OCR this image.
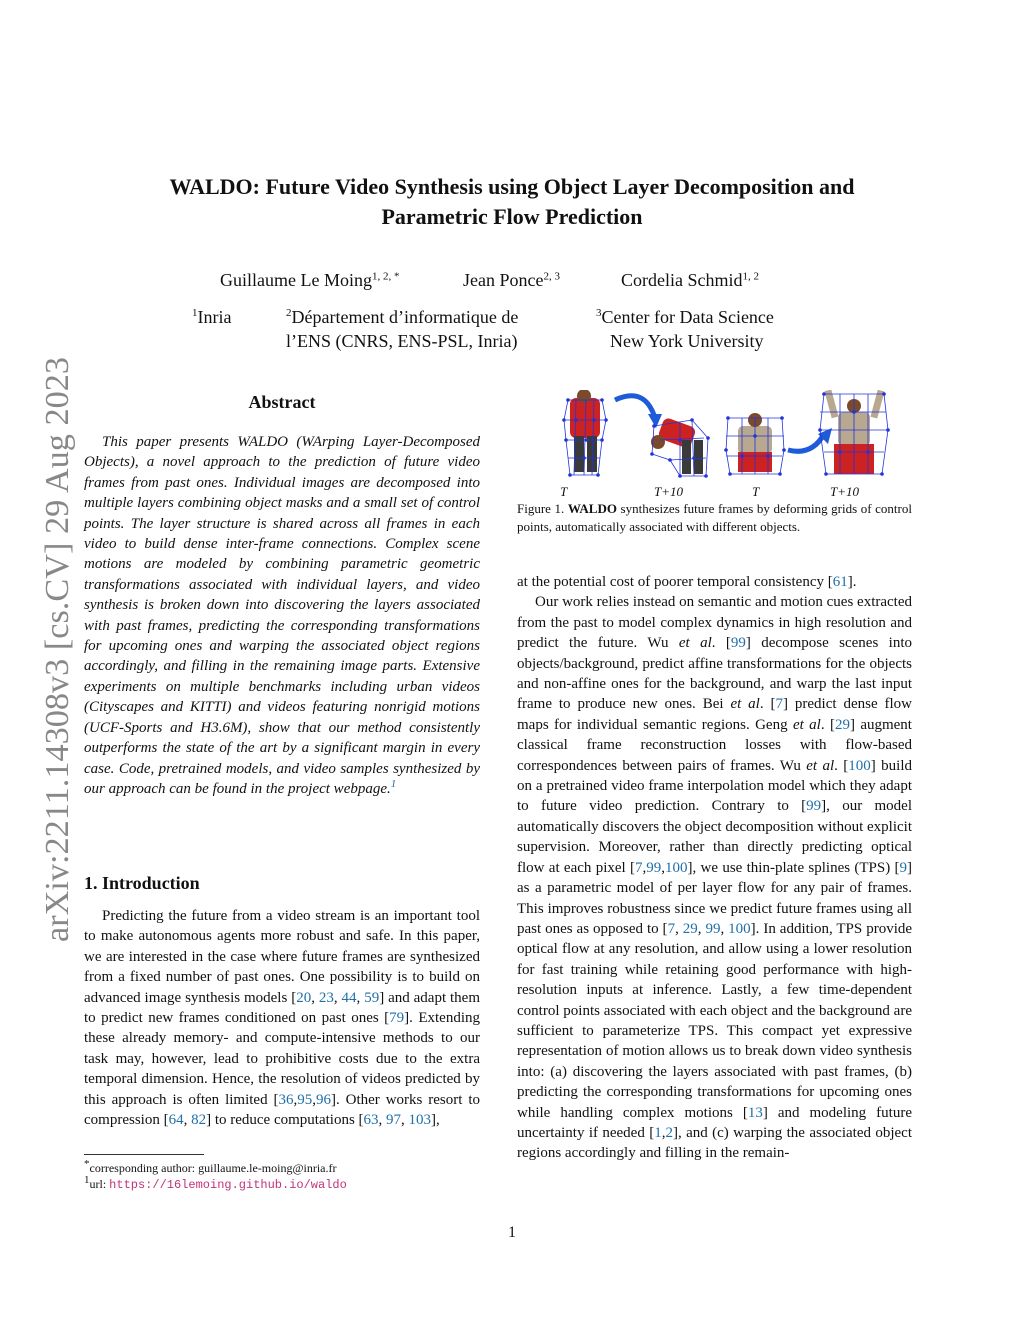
arXiv:2211.14308v3 [cs.CV] 29 Aug 2023
WALDO: Future Video Synthesis using Object Layer Decomposition and
Parametric Flow Prediction
Guillaume Le Moing$^{1, 2, *}$	Jean Ponce$^{2, 3}$	Cordelia Schmid$^{1, 2}$
$^1$Inria	$^2$Département d’informatique de
l’ENS (CNRS, ENS-PSL, Inria)
$^3$Center for Data Science
New York University
Abstract

This paper presents WALDO (WArping Layer-Decomposed Objects), a novel approach to the prediction of future video frames from past ones. Individual images are decomposed into multiple layers combining object masks and a small set of control points. The layer structure is shared across all frames in each video to build dense inter-frame connections. Complex scene motions are modeled by combining parametric geometric transformations associated with individual layers, and video synthesis is broken down into discovering the layers associated with past frames, predicting the corresponding transformations for upcoming ones and warping the associated object regions accordingly, and filling in the remaining image parts. Extensive experiments on multiple benchmarks including urban videos (Cityscapes and KITTI) and videos featuring nonrigid motions (UCF-Sports and H3.6M), show that our method consistently outperforms the state of the art by a significant margin in every case. Code, pretrained models, and video samples synthesized by our approach can be found in the project webpage.$^1$

1. Introduction

Predicting the future from a video stream is an important tool to make autonomous agents more robust and safe. In this paper, we are interested in the case where future frames are synthesized from a fixed number of past ones. One possibility is to build on advanced image synthesis models [20, 23, 44, 59] and adapt them to predict new frames conditioned on past ones [79]. Extending these already memory- and compute-intensive methods to our task may, however, lead to prohibitive costs due to the extra temporal dimension. Hence, the resolution of videos predicted by this approach is often limited [36,95,96]. Other works resort to compression [64, 82] to reduce computations [63, 97, 103],

T	T+10	T	T+10
Figure 1. WALDO synthesizes future frames by deforming grids of control points, automatically associated with different objects.

at the potential cost of poorer temporal consistency [61].

Our work relies instead on semantic and motion cues extracted from the past to model complex dynamics in high resolution and predict the future. Wu et al. [99] decompose scenes into objects/background, predict affine transformations for the objects and non-affine ones for the background, and warp the last input frame to produce new ones. Bei et al. [7] predict dense flow maps for individual semantic regions. Geng et al. [29] augment classical frame reconstruction losses with flow-based correspondences between pairs of frames. Wu et al. [100] build on a pretrained video frame interpolation model which they adapt to future video prediction. Contrary to [99], our model automatically discovers the object decomposition without explicit supervision. Moreover, rather than directly predicting optical flow at each pixel [7,99,100], we use thin-plate splines (TPS) [9] as a parametric model of per layer flow for any pair of frames. This improves robustness since we predict future frames using all past ones as opposed to [7, 29, 99, 100]. In addition, TPS provide optical flow at any resolution, and allow using a lower resolution for fast training while retaining good performance with high-resolution inputs at inference. Lastly, a few time-dependent control points associated with each object and the background are sufficient to parameterize TPS. This compact yet expressive representation of motion allows us to break down video synthesis into: (a) discovering the layers associated with past frames, (b) predicting the corresponding transformations for upcoming ones while handling complex motions [13] and modeling future uncertainty if needed [1,2], and (c) warping the associated object regions accordingly and filling in the remain-

*corresponding author: guillaume.le-moing@inria.fr
$^1$url: https://16lemoing.github.io/waldo
1
